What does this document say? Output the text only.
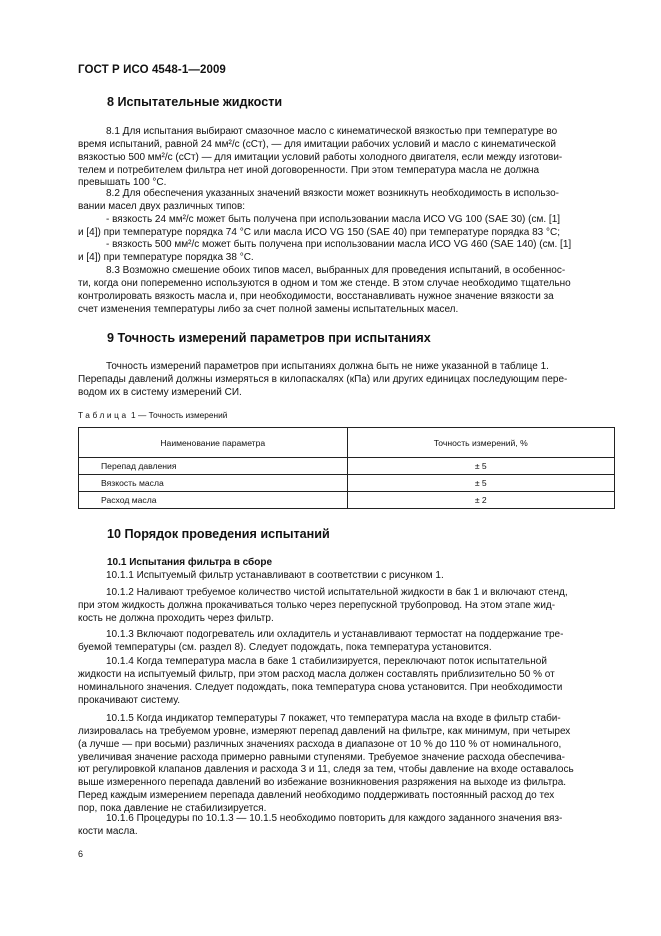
ГОСТ Р ИСО 4548-1—2009
8 Испытательные жидкости
8.1 Для испытания выбирают смазочное масло с кинематической вязкостью при температуре во
время испытаний, равной 24 мм²/с (сСт), — для имитации рабочих условий и масло с кинематической
вязкостью 500 мм²/с (сСт) — для имитации условий работы холодного двигателя, если между изготови-
телем и потребителем фильтра нет иной договоренности. При этом температура масла не должна
превышать 100 °С.
8.2 Для обеспечения указанных значений вязкости может возникнуть необходимость в использо-
вании масел двух различных типов:
- вязкость 24 мм²/с может быть получена при использовании масла ИСО VG 100 (SAE 30) (см. [1]
и [4]) при температуре порядка 74 °С или масла ИСО VG 150 (SAE 40) при температуре порядка 83 °С;
- вязкость 500 мм²/с может быть получена при использовании масла ИСО VG 460 (SAE 140) (см. [1]
и [4]) при температуре порядка 38 °С.
8.3 Возможно смешение обоих типов масел, выбранных для проведения испытаний, в особеннос-
ти, когда они попеременно используются в одном и том же стенде. В этом случае необходимо тщательно
контролировать вязкость масла и, при необходимости, восстанавливать нужное значение вязкости за
счет изменения температуры либо за счет полной замены испытательных масел.
9 Точность измерений параметров при испытаниях
Точность измерений параметров при испытаниях должна быть не ниже указанной в таблице 1.
Перепады давлений должны измеряться в килопаскалях (кПа) или других единицах последующим пере-
водом их в систему измерений СИ.
Таблица 1 — Точность измерений
Наименование параметра	Точность измерений, %
Перепад давления	± 5
Вязкость масла	± 5
Расход масла	± 2
10 Порядок проведения испытаний
10.1 Испытания фильтра в сборе
10.1.1 Испытуемый фильтр устанавливают в соответствии с рисунком 1.
10.1.2 Наливают требуемое количество чистой испытательной жидкости в бак 1 и включают стенд,
при этом жидкость должна прокачиваться только через перепускной трубопровод. На этом этапе жид-
кость не должна проходить через фильтр.
10.1.3 Включают подогреватель или охладитель и устанавливают термостат на поддержание тре-
буемой температуры (см. раздел 8). Следует подождать, пока температура установится.
10.1.4 Когда температура масла в баке 1 стабилизируется, переключают поток испытательной
жидкости на испытуемый фильтр, при этом расход масла должен составлять приблизительно 50 % от
номинального значения. Следует подождать, пока температура снова установится. При необходимости
прокачивают систему.
10.1.5 Когда индикатор температуры 7 покажет, что температура масла на входе в фильтр стаби-
лизировалась на требуемом уровне, измеряют перепад давлений на фильтре, как минимум, при четырех
(а лучше — при восьми) различных значениях расхода в диапазоне от 10 % до 110 % от номинального,
увеличивая значение расхода примерно равными ступенями. Требуемое значение расхода обеспечива-
ют регулировкой клапанов давления и расхода 3 и 11, следя за тем, чтобы давление на входе оставалось
выше измеренного перепада давлений во избежание возникновения разряжения на выходе из фильтра.
Перед каждым измерением перепада давлений необходимо поддерживать постоянный расход до тех
пор, пока давление не стабилизируется.
10.1.6 Процедуры по 10.1.3 — 10.1.5 необходимо повторить для каждого заданного значения вяз-
кости масла.
6
